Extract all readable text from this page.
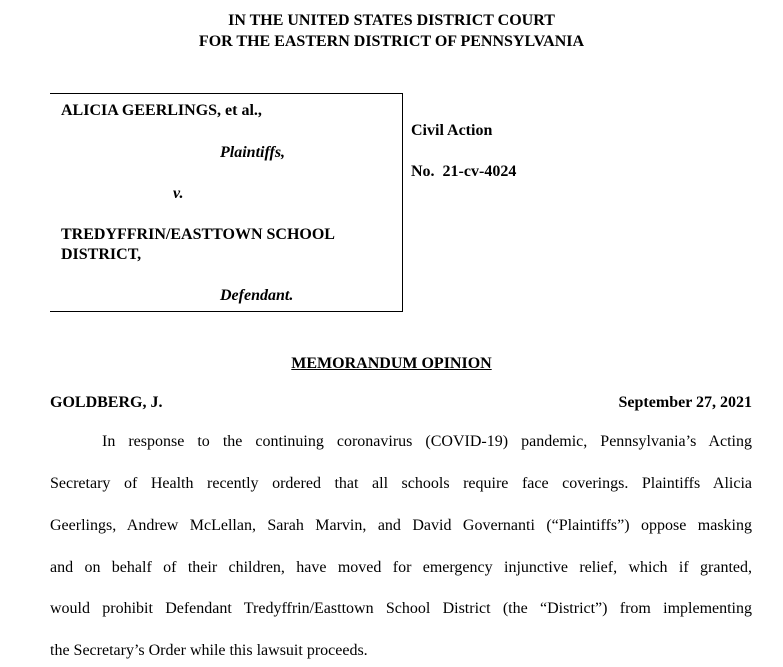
IN THE UNITED STATES DISTRICT COURT
FOR THE EASTERN DISTRICT OF PENNSYLVANIA
ALICIA GEERLINGS, et al.,
Plaintiffs,
v.
TREDYFFRIN/EASTTOWN SCHOOL
DISTRICT,
Defendant.
Civil Action
No.  21-cv-4024
MEMORANDUM OPINION
GOLDBERG, J.	September 27, 2021
In response to the continuing coronavirus (COVID-19) pandemic, Pennsylvania’s Acting
Secretary of Health recently ordered that all schools require face coverings. Plaintiffs Alicia
Geerlings, Andrew McLellan, Sarah Marvin, and David Governanti (“Plaintiffs”) oppose masking
and on behalf of their children, have moved for emergency injunctive relief, which if granted,
would prohibit Defendant Tredyffrin/Easttown School District (the “District”) from implementing
the Secretary’s Order while this lawsuit proceeds.
